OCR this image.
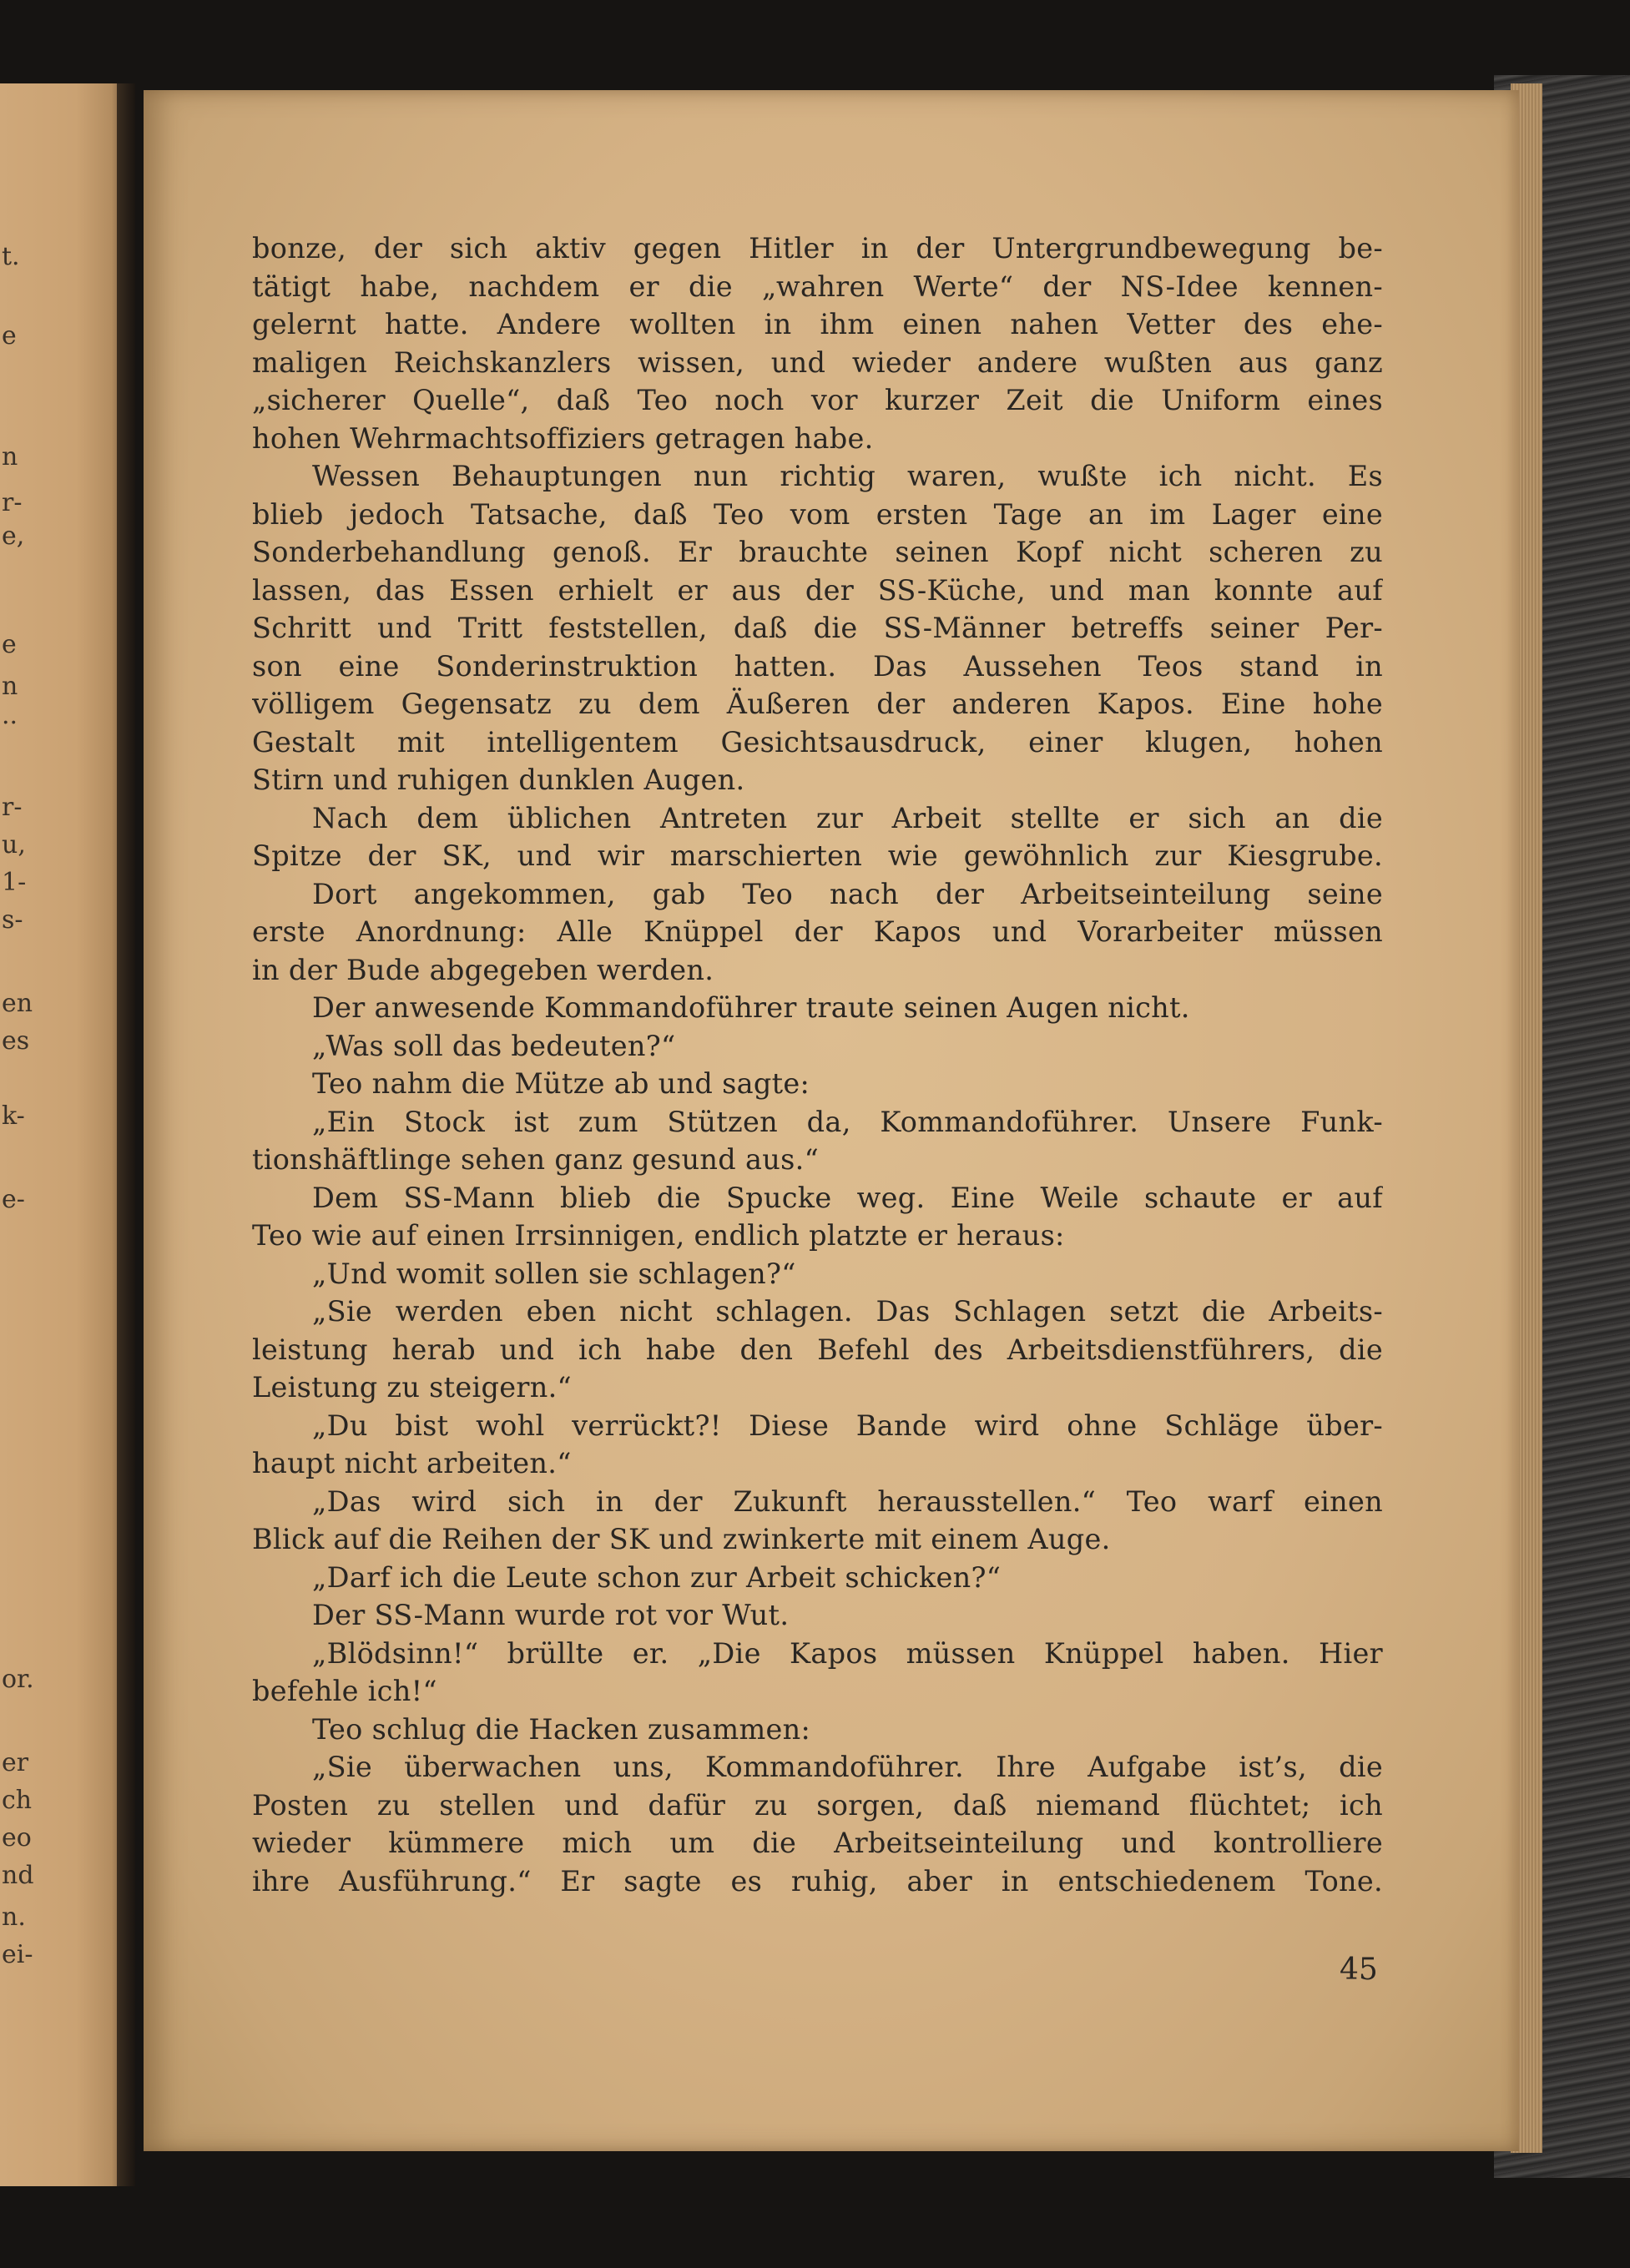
t.
e
n
r-
e,
e
n
..
r-
u,
1-
s-
en
es
k-
e-
or.
er
ch
eo
nd
n.
ei-
bonze, der sich aktiv gegen Hitler in der Untergrundbewegung be-
tätigt habe, nachdem er die „wahren Werte“ der NS-Idee kennen-
gelernt hatte. Andere wollten in ihm einen nahen Vetter des ehe-
maligen Reichskanzlers wissen, und wieder andere wußten aus ganz
„sicherer Quelle“, daß Teo noch vor kurzer Zeit die Uniform eines
hohen Wehrmachtsoffiziers getragen habe.
Wessen Behauptungen nun richtig waren, wußte ich nicht. Es
blieb jedoch Tatsache, daß Teo vom ersten Tage an im Lager eine
Sonderbehandlung genoß. Er brauchte seinen Kopf nicht scheren zu
lassen, das Essen erhielt er aus der SS-Küche, und man konnte auf
Schritt und Tritt feststellen, daß die SS-Männer betreffs seiner Per-
son eine Sonderinstruktion hatten. Das Aussehen Teos stand in
völligem Gegensatz zu dem Äußeren der anderen Kapos. Eine hohe
Gestalt mit intelligentem Gesichtsausdruck, einer klugen, hohen
Stirn und ruhigen dunklen Augen.
Nach dem üblichen Antreten zur Arbeit stellte er sich an die
Spitze der SK, und wir marschierten wie gewöhnlich zur Kiesgrube.
Dort angekommen, gab Teo nach der Arbeitseinteilung seine
erste Anordnung: Alle Knüppel der Kapos und Vorarbeiter müssen
in der Bude abgegeben werden.
Der anwesende Kommandoführer traute seinen Augen nicht.
„Was soll das bedeuten?“
Teo nahm die Mütze ab und sagte:
„Ein Stock ist zum Stützen da, Kommandoführer. Unsere Funk-
tionshäftlinge sehen ganz gesund aus.“
Dem SS-Mann blieb die Spucke weg. Eine Weile schaute er auf
Teo wie auf einen Irrsinnigen, endlich platzte er heraus:
„Und womit sollen sie schlagen?“
„Sie werden eben nicht schlagen. Das Schlagen setzt die Arbeits-
leistung herab und ich habe den Befehl des Arbeitsdienstführers, die
Leistung zu steigern.“
„Du bist wohl verrückt?! Diese Bande wird ohne Schläge über-
haupt nicht arbeiten.“
„Das wird sich in der Zukunft herausstellen.“ Teo warf einen
Blick auf die Reihen der SK und zwinkerte mit einem Auge.
„Darf ich die Leute schon zur Arbeit schicken?“
Der SS-Mann wurde rot vor Wut.
„Blödsinn!“ brüllte er. „Die Kapos müssen Knüppel haben. Hier
befehle ich!“
Teo schlug die Hacken zusammen:
„Sie überwachen uns, Kommandoführer. Ihre Aufgabe ist’s, die
Posten zu stellen und dafür zu sorgen, daß niemand flüchtet; ich
wieder kümmere mich um die Arbeitseinteilung und kontrolliere
ihre Ausführung.“ Er sagte es ruhig, aber in entschiedenem Tone.
45
